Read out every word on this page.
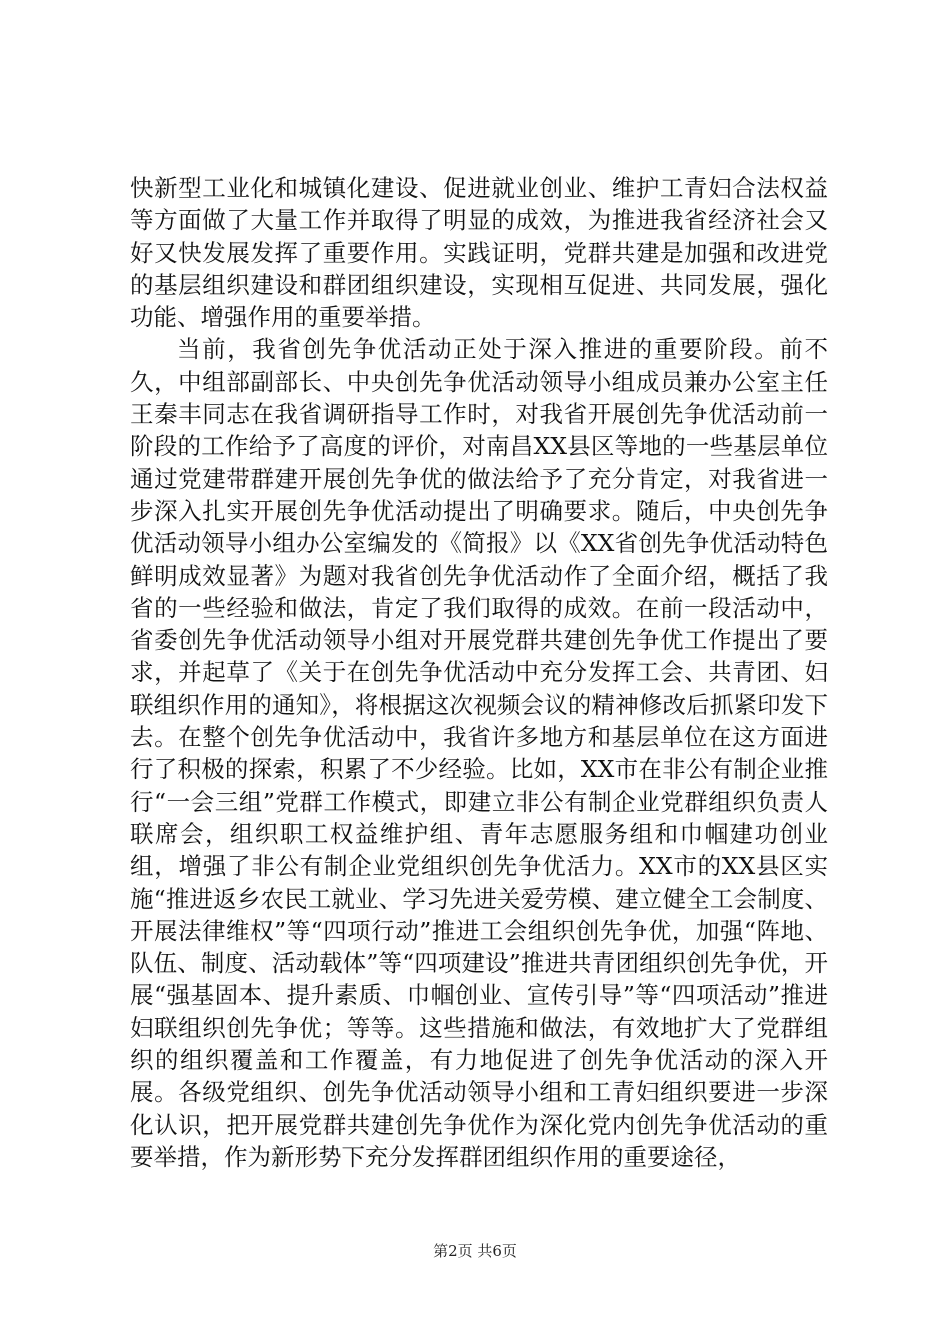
快新型工业化和城镇化建设、促进就业创业、维护工青妇合法权益等方面做了大量工作并取得了明显的成效，为推进我省经济社会又好又快发展发挥了重要作用。实践证明，党群共建是加强和改进党的基层组织建设和群团组织建设，实现相互促进、共同发展，强化功能、增强作用的重要举措。

当前，我省创先争优活动正处于深入推进的重要阶段。前不久，中组部副部长、中央创先争优活动领导小组成员兼办公室主任王秦丰同志在我省调研指导工作时，对我省开展创先争优活动前一阶段的工作给予了高度的评价，对南昌XX县区等地的一些基层单位通过党建带群建开展创先争优的做法给予了充分肯定，对我省进一步深入扎实开展创先争优活动提出了明确要求。随后，中央创先争优活动领导小组办公室编发的《简报》以《XX省创先争优活动特色鲜明成效显著》为题对我省创先争优活动作了全面介绍，概括了我省的一些经验和做法，肯定了我们取得的成效。在前一段活动中，省委创先争优活动领导小组对开展党群共建创先争优工作提出了要求，并起草了《关于在创先争优活动中充分发挥工会、共青团、妇联组织作用的通知》，将根据这次视频会议的精神修改后抓紧印发下去。在整个创先争优活动中，我省许多地方和基层单位在这方面进行了积极的探索，积累了不少经验。比如，XX市在非公有制企业推行“一会三组”党群工作模式，即建立非公有制企业党群组织负责人联席会，组织职工权益维护组、青年志愿服务组和巾帼建功创业组，增强了非公有制企业党组织创先争优活力。XX市的XX县区实施“推进返乡农民工就业、学习先进关爱劳模、建立健全工会制度、开展法律维权”等“四项行动”推进工会组织创先争优，加强“阵地、队伍、制度、活动载体”等“四项建设”推进共青团组织创先争优，开展“强基固本、提升素质、巾帼创业、宣传引导”等“四项活动”推进妇联组织创先争优；等等。这些措施和做法，有效地扩大了党群组织的组织覆盖和工作覆盖，有力地促进了创先争优活动的深入开展。各级党组织、创先争优活动领导小组和工青妇组织要进一步深化认识，把开展党群共建创先争优作为深化党内创先争优活动的重要举措，作为新形势下充分发挥群团组织作用的重要途径，

第2页 共6页
